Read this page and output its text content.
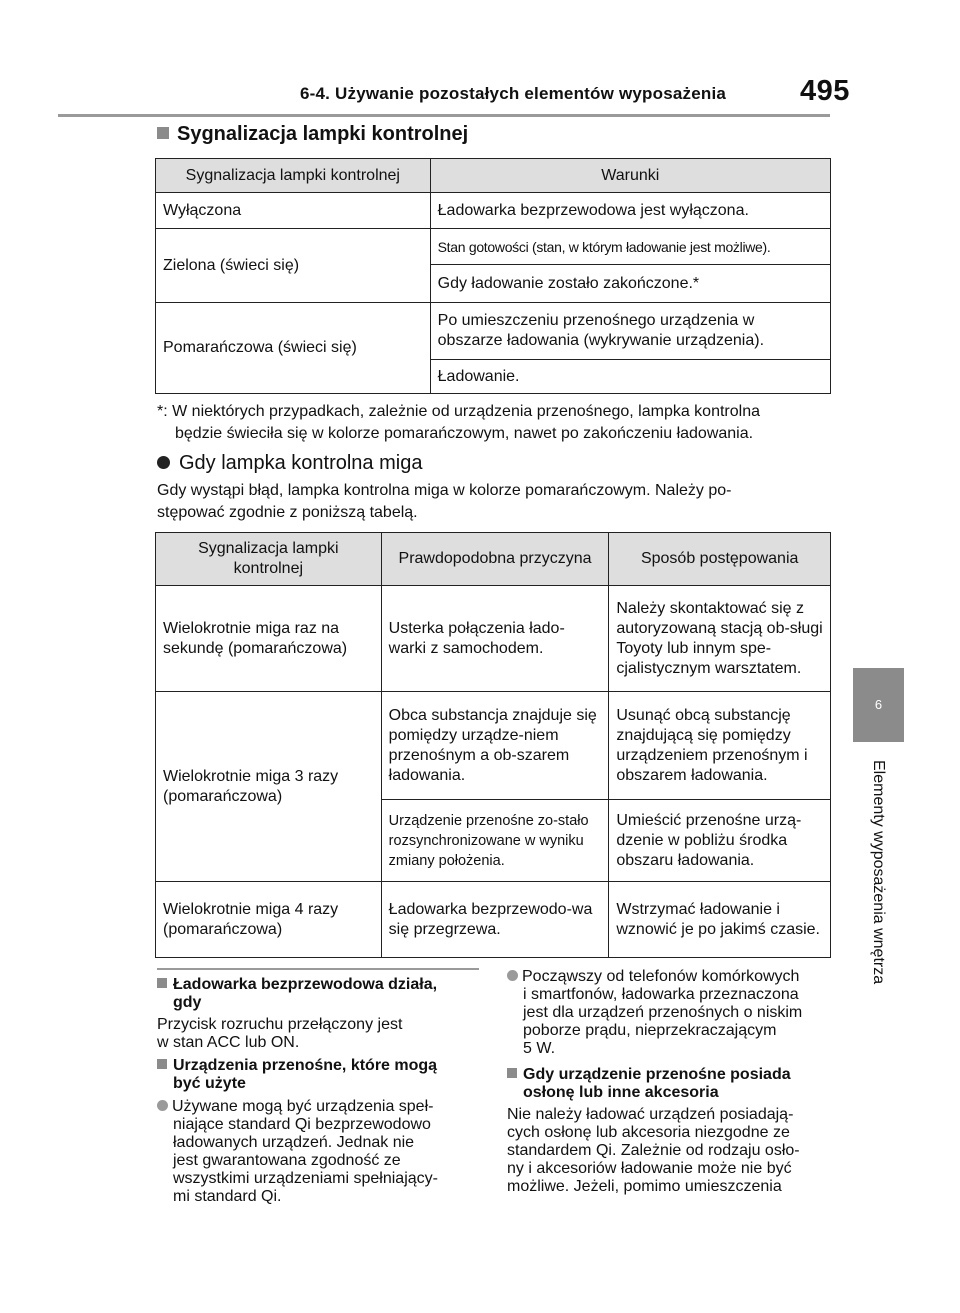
6-4. Używanie pozostałych elementów wyposażenia	495
6
Elementy wyposażenia wnętrza
Sygnalizacja lampki kontrolnej
Sygnalizacja lampki kontrolnej	Warunki
Wyłączona	Ładowarka bezprzewodowa jest wyłączona.
Zielona (świeci się)	Stan gotowości (stan, w którym ładowanie jest możliwe).
	Gdy ładowanie zostało zakończone.*
Pomarańczowa (świeci się)	Po umieszczeniu przenośnego urządzenia w obszarze ładowania (wykrywanie urządzenia).
	Ładowanie.
*: W niektórych przypadkach, zależnie od urządzenia przenośnego, lampka kontrolna
będzie świeciła się w kolorze pomarańczowym, nawet po zakończeniu ładowania.
Gdy lampka kontrolna miga
Gdy wystąpi błąd, lampka kontrolna miga w kolorze pomarańczowym. Należy po-
stępować zgodnie z poniższą tabelą.
Sygnalizacja lampki kontrolnej	Prawdopodobna przyczyna	Sposób postępowania
Wielokrotnie miga raz na sekundę (pomarańczowa)	Usterka połączenia łado-warki z samochodem.	Należy skontaktować się z autoryzowaną stacją ob-sługi Toyoty lub innym spe-cjalistycznym warsztatem.
Wielokrotnie miga 3 razy (pomarańczowa)	Obca substancja znajduje się pomiędzy urządze-niem przenośnym a ob-szarem ładowania.	Usunąć obcą substancję znajdującą się pomiędzy urządzeniem przenośnym i obszarem ładowania.
	Urządzenie przenośne zo-stało rozsynchronizowane w wyniku zmiany położenia.	Umieścić przenośne urzą-dzenie w pobliżu środka obszaru ładowania.
Wielokrotnie miga 4 razy (pomarańczowa)	Ładowarka bezprzewodo-wa się przegrzewa.	Wstrzymać ładowanie i wznowić je po jakimś czasie.
Ładowarka bezprzewodowa działa,
gdy
Przycisk rozruchu przełączony jest
w stan ACC lub ON.
Urządzenia przenośne, które mogą
być użyte
Używane mogą być urządzenia speł-
niające standard Qi bezprzewodowo
ładowanych urządzeń. Jednak nie
jest gwarantowana zgodność ze
wszystkimi urządzeniami spełniający-
mi standard Qi.
Począwszy od telefonów komórkowych
i smartfonów, ładowarka przeznaczona
jest dla urządzeń przenośnych o niskim
poborze prądu, nieprzekraczającym
5 W.
Gdy urządzenie przenośne posiada
osłonę lub inne akcesoria
Nie należy ładować urządzeń posiadają-
cych osłonę lub akcesoria niezgodne ze
standardem Qi. Zależnie od rodzaju osło-
ny i akcesoriów ładowanie może nie być
możliwe. Jeżeli, pomimo umieszczenia
